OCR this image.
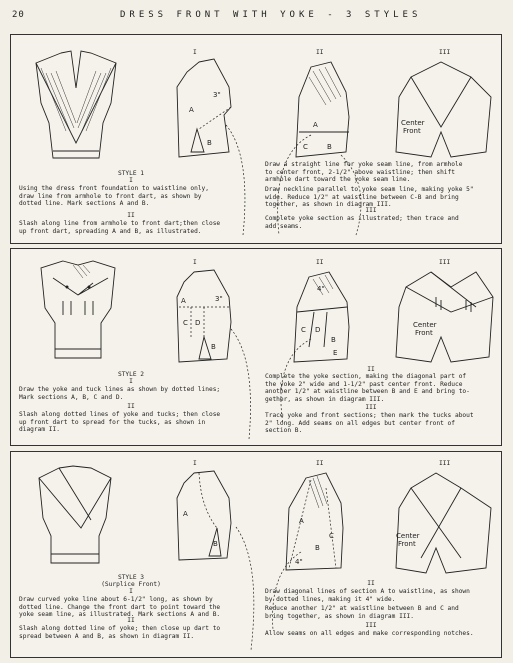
20	DRESS FRONT WITH YOKE - 3 STYLES
STYLE 1
I
Using the dress front foundation to waistline only,
draw line from armhole to front dart, as shown by
dotted line. Mark sections A and B.
II
Slash along line from armhole to front dart;then close
up front dart, spreading A and B, as illustrated.
I
A
B
3"
II
A
C	B
III
Center
Front
Draw a straight line for yoke seam line, from armhole
to center front, 2-1/2" above waistline; then shift
armhole dart toward the yoke seam line.
Draw neckline parallel to yoke seam line, making yoke 5"
wide. Reduce 1/2" at waistline between C-B and bring
together, as shown in diagram III.
III
Complete yoke section as illustrated; then trace and
add seams.
STYLE 2
I
Draw the yoke and tuck lines as shown by dotted lines;
Mark sections A, B, C and D.
II
Slash along dotted lines of yoke and tucks; then close
up front dart to spread for the tucks, as shown in
diagram II.
I
A
C D
B
3"
II
4"
C D
B
E
III
Center
Front
II
Complete the yoke section, making the diagonal part of
the yoke 2" wide and 1-1/2" past center front. Reduce
another 1/2" at waistline between B and E and bring to-
gether, as shown in diagram III.
III
Trace yoke and front sections; then mark the tucks about
2" long. Add seams on all edges but center front of
section B.
STYLE 3
(Surplice Front)
I
Draw curved yoke line about 6-1/2" long, as shown by
dotted line. Change the front dart to point toward the
yoke seam line, as illustrated. Mark sections A and B.
II
Slash along dotted line of yoke; then close up dart to
spread between A and B, as shown in diagram II.
I
A
B
II
A
B
C
4"
III
Center
Front
II
Draw diagonal lines of section A to waistline, as shown
by dotted lines, making it 4" wide.
Reduce another 1/2" at waistline between B and C and
bring together, as shown in diagram III.
III
Allow seams on all edges and make corresponding notches.
